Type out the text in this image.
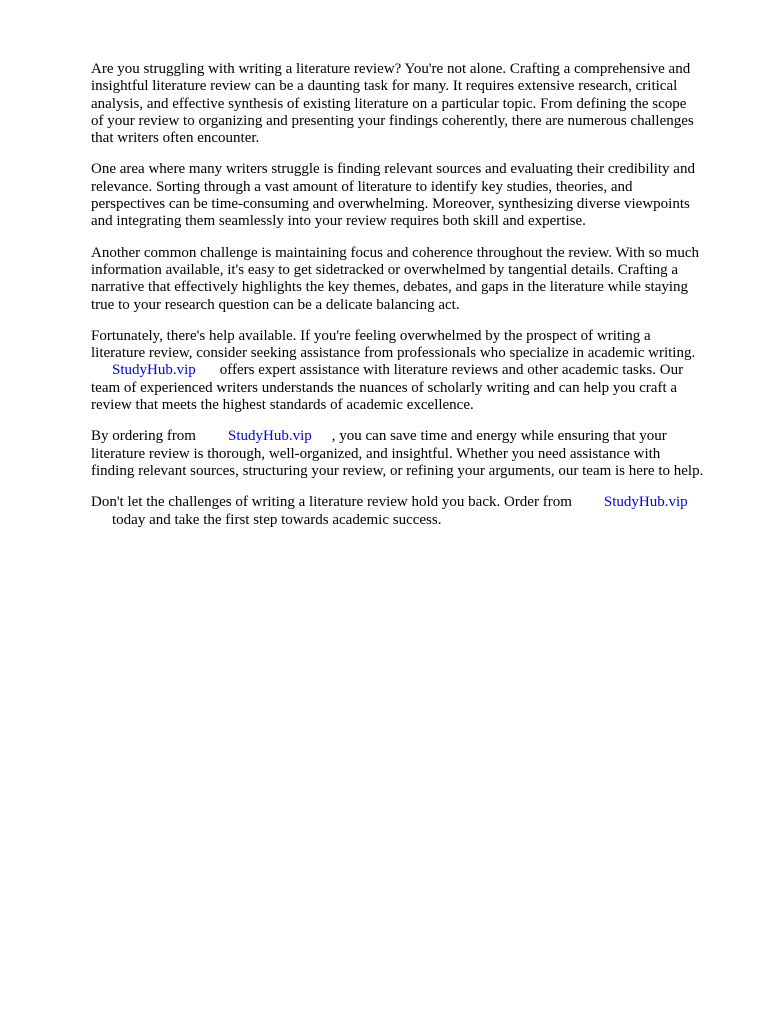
Are you struggling with writing a literature review? You're not alone. Crafting a comprehensive and
insightful literature review can be a daunting task for many. It requires extensive research, critical
analysis, and effective synthesis of existing literature on a particular topic. From defining the scope
of your review to organizing and presenting your findings coherently, there are numerous challenges
that writers often encounter.

One area where many writers struggle is finding relevant sources and evaluating their credibility and
relevance. Sorting through a vast amount of literature to identify key studies, theories, and
perspectives can be time-consuming and overwhelming. Moreover, synthesizing diverse viewpoints
and integrating them seamlessly into your review requires both skill and expertise.

Another common challenge is maintaining focus and coherence throughout the review. With so much
information available, it's easy to get sidetracked or overwhelmed by tangential details. Crafting a
narrative that effectively highlights the key themes, debates, and gaps in the literature while staying
true to your research question can be a delicate balancing act.

Fortunately, there's help available. If you're feeling overwhelmed by the prospect of writing a
literature review, consider seeking assistance from professionals who specialize in academic writing.
StudyHub.vip offers expert assistance with literature reviews and other academic tasks. Our
team of experienced writers understands the nuances of scholarly writing and can help you craft a
review that meets the highest standards of academic excellence.

By ordering from StudyHub.vip , you can save time and energy while ensuring that your
literature review is thorough, well-organized, and insightful. Whether you need assistance with
finding relevant sources, structuring your review, or refining your arguments, our team is here to help.

Don't let the challenges of writing a literature review hold you back. Order from StudyHub.vip
today and take the first step towards academic success.
